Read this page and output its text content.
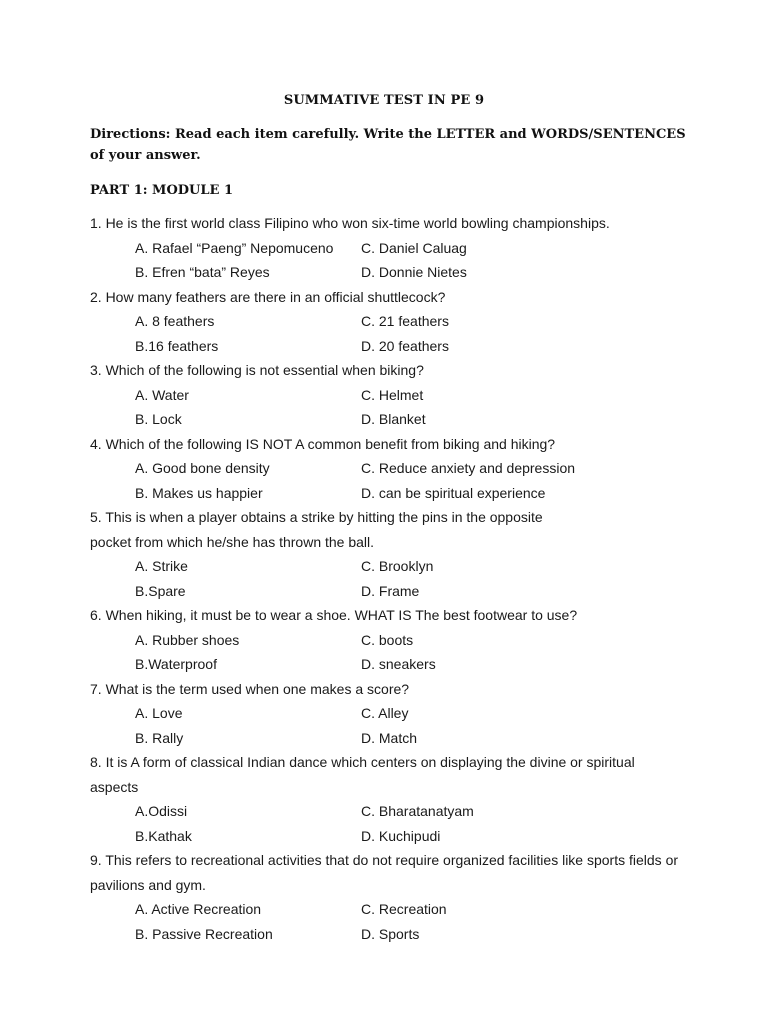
SUMMATIVE TEST IN PE 9
Directions: Read each item carefully. Write the LETTER and WORDS/SENTENCES of your answer.
PART 1: MODULE 1

1. He is the first world class Filipino who won six-time world bowling championships.

A. Rafael “Paeng” Nepomuceno	C. Daniel Caluag
B. Efren “bata” Reyes	D. Donnie Nietes

2. How many feathers are there in an official shuttlecock?

A. 8 feathers	C. 21 feathers
B.16 feathers	D. 20 feathers

3. Which of the following is not essential when biking?

A. Water	C. Helmet
B. Lock	D. Blanket

4. Which of the following IS NOT A common benefit from biking and hiking?

A. Good bone density	C. Reduce anxiety and depression
B. Makes us happier	D. can be spiritual experience

5. This is when a player obtains a strike by hitting the pins in the opposite

pocket from which he/she has thrown the ball.

A. Strike	C. Brooklyn
B.Spare	D. Frame

6. When hiking, it must be to wear a shoe. WHAT IS The best footwear to use?

A. Rubber shoes	C. boots
B.Waterproof	D. sneakers

7. What is the term used when one makes a score?

A. Love	C. Alley
B. Rally	D. Match

8. It is A form of classical Indian dance which centers on displaying the divine or spiritual

aspects

A.Odissi	C. Bharatanatyam
B.Kathak	D. Kuchipudi

9. This refers to recreational activities that do not require organized facilities like sports fields or

pavilions and gym.

A. Active Recreation	C. Recreation
B. Passive Recreation	D. Sports
